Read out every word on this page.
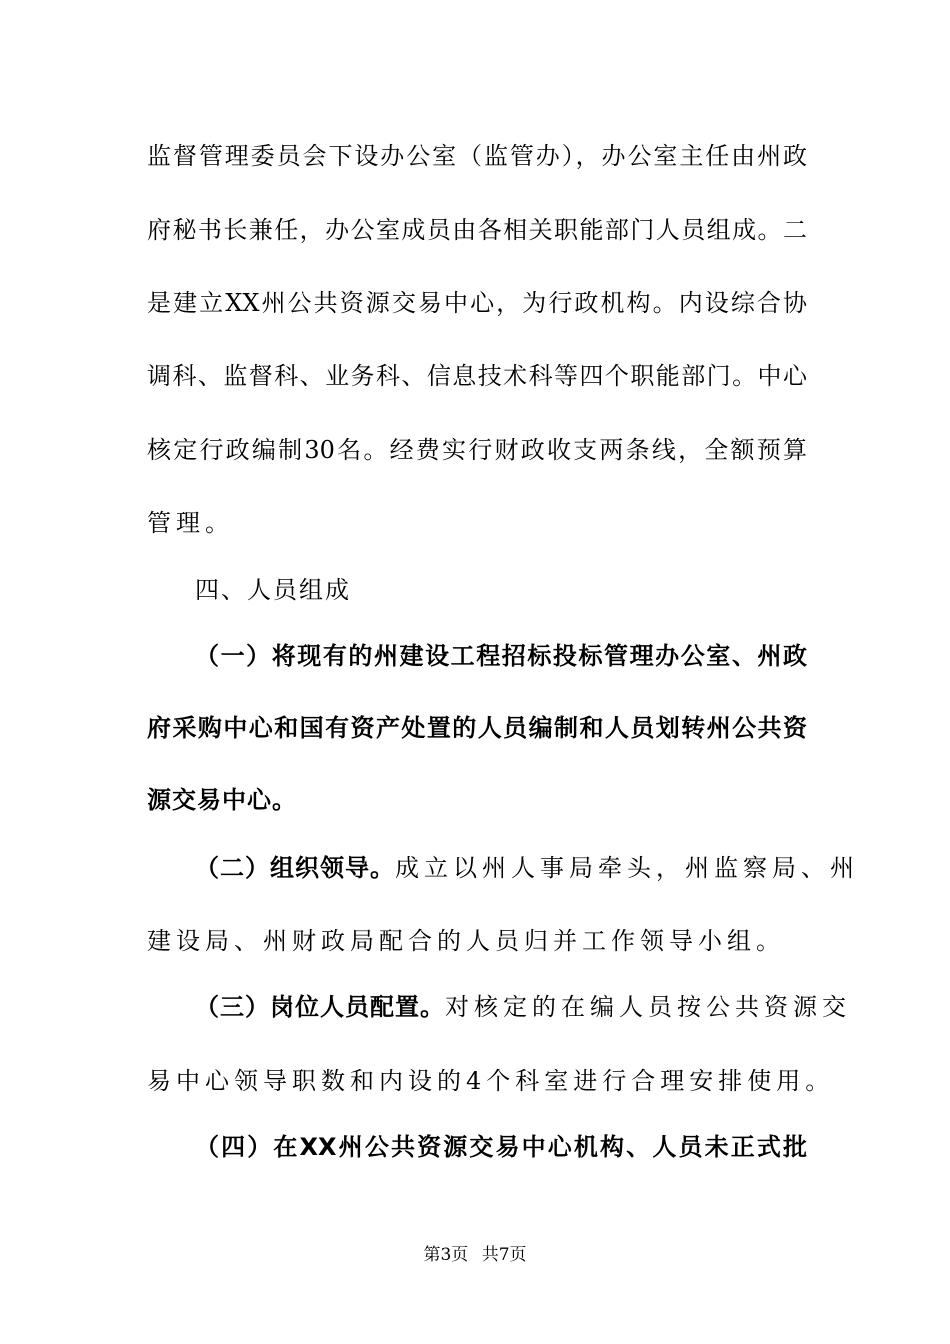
监督管理委员会下设办公室（监管办），办公室主任由州政
府秘书长兼任，办公室成员由各相关职能部门人员组成。二
是建立XX州公共资源交易中心，为行政机构。内设综合协
调科、监督科、业务科、信息技术科等四个职能部门。中心
核定行政编制30名。经费实行财政收支两条线，全额预算
管理。
四、人员组成
（一）将现有的州建设工程招标投标管理办公室、州政
府采购中心和国有资产处置的人员编制和人员划转州公共资
源交易中心。
（二）组织领导。成立以州人事局牵头，州监察局、州
建设局、州财政局配合的人员归并工作领导小组。
（三）岗位人员配置。对核定的在编人员按公共资源交
易中心领导职数和内设的4个科室进行合理安排使用。
（四）在XX州公共资源交易中心机构、人员未正式批
第3页 共7页
